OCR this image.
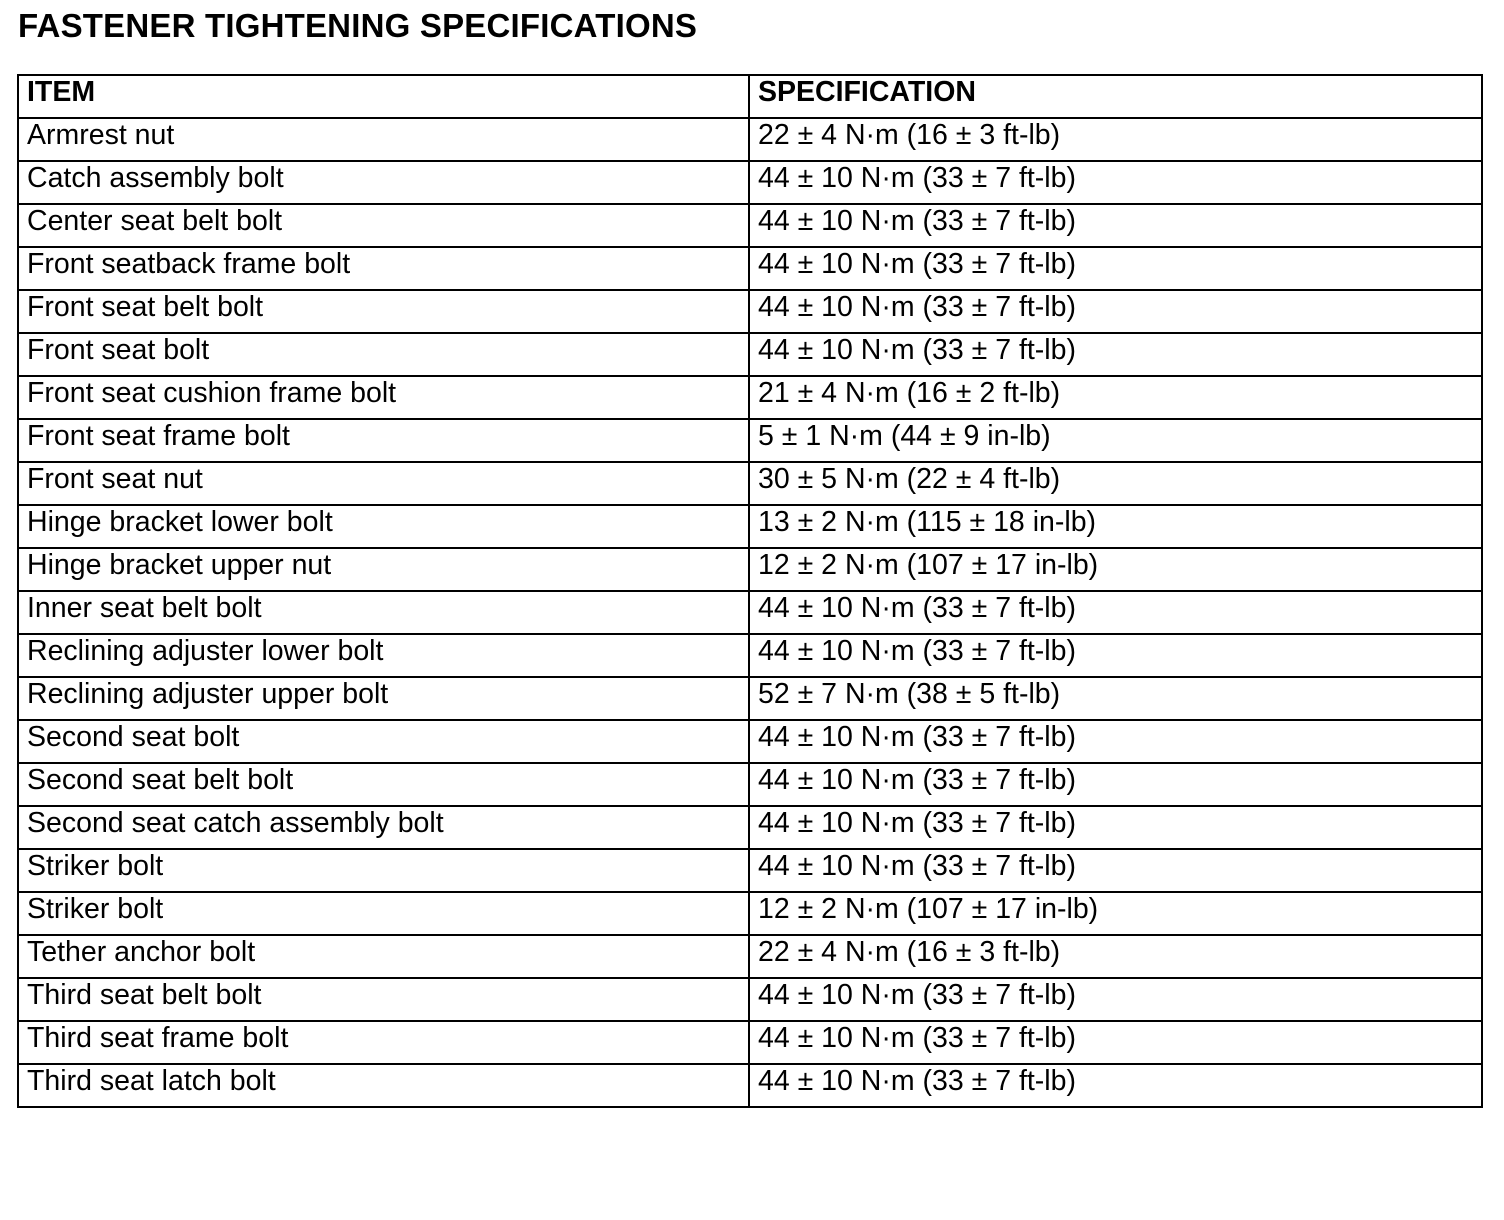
FASTENER TIGHTENING SPECIFICATIONS
ITEM	SPECIFICATION
Armrest nut	22 ± 4 N·m (16 ± 3 ft-lb)
Catch assembly bolt	44 ± 10 N·m (33 ± 7 ft-lb)
Center seat belt bolt	44 ± 10 N·m (33 ± 7 ft-lb)
Front seatback frame bolt	44 ± 10 N·m (33 ± 7 ft-lb)
Front seat belt bolt	44 ± 10 N·m (33 ± 7 ft-lb)
Front seat bolt	44 ± 10 N·m (33 ± 7 ft-lb)
Front seat cushion frame bolt	21 ± 4 N·m (16 ± 2 ft-lb)
Front seat frame bolt	5 ± 1 N·m (44 ± 9 in-lb)
Front seat nut	30 ± 5 N·m (22 ± 4 ft-lb)
Hinge bracket lower bolt	13 ± 2 N·m (115 ± 18 in-lb)
Hinge bracket upper nut	12 ± 2 N·m (107 ± 17 in-lb)
Inner seat belt bolt	44 ± 10 N·m (33 ± 7 ft-lb)
Reclining adjuster lower bolt	44 ± 10 N·m (33 ± 7 ft-lb)
Reclining adjuster upper bolt	52 ± 7 N·m (38 ± 5 ft-lb)
Second seat bolt	44 ± 10 N·m (33 ± 7 ft-lb)
Second seat belt bolt	44 ± 10 N·m (33 ± 7 ft-lb)
Second seat catch assembly bolt	44 ± 10 N·m (33 ± 7 ft-lb)
Striker bolt	44 ± 10 N·m (33 ± 7 ft-lb)
Striker bolt	12 ± 2 N·m (107 ± 17 in-lb)
Tether anchor bolt	22 ± 4 N·m (16 ± 3 ft-lb)
Third seat belt bolt	44 ± 10 N·m (33 ± 7 ft-lb)
Third seat frame bolt	44 ± 10 N·m (33 ± 7 ft-lb)
Third seat latch bolt	44 ± 10 N·m (33 ± 7 ft-lb)
